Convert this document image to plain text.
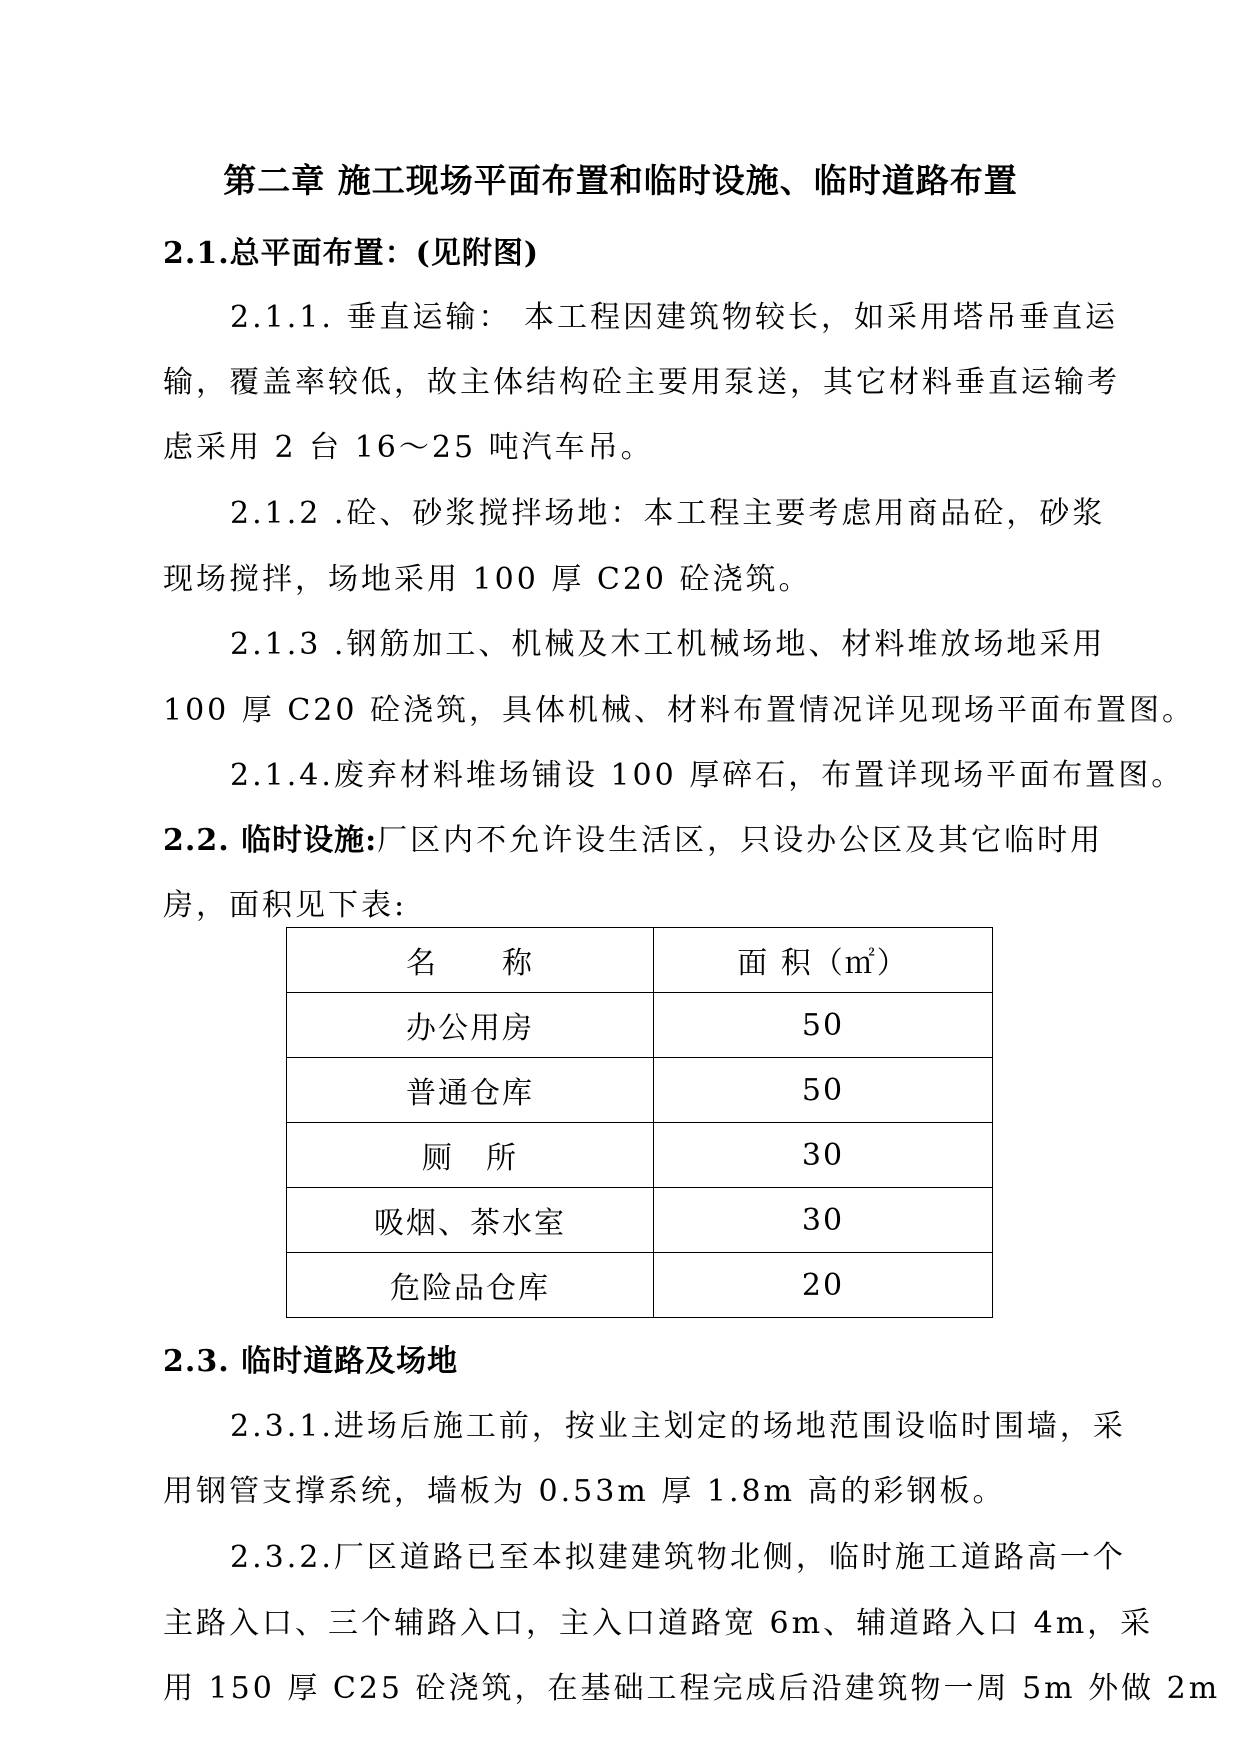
第二章 施工现场平面布置和临时设施、临时道路布置
2.1.总平面布置：(见附图)
2.1.1. 垂直运输： 本工程因建筑物较长，如采用塔吊垂直运
输，覆盖率较低，故主体结构砼主要用泵送，其它材料垂直运输考
虑采用 2 台 16～25 吨汽车吊。
2.1.2 .砼、砂浆搅拌场地：本工程主要考虑用商品砼，砂浆
现场搅拌，场地采用 100 厚 C20 砼浇筑。
2.1.3 .钢筋加工、机械及木工机械场地、材料堆放场地采用
100 厚 C20 砼浇筑，具体机械、材料布置情况详见现场平面布置图。
2.1.4.废弃材料堆场铺设 100 厚碎石，布置详现场平面布置图。
2.2. 临时设施:厂区内不允许设生活区，只设办公区及其它临时用
房，面积见下表:
名　　称	面 积（㎡）
办公用房	50
普通仓库	50
厕　所	30
吸烟、茶水室	30
危险品仓库	20
2.3. 临时道路及场地
2.3.1.进场后施工前，按业主划定的场地范围设临时围墙，采
用钢管支撑系统，墙板为 0.53m 厚 1.8m 高的彩钢板。
2.3.2.厂区道路已至本拟建建筑物北侧，临时施工道路高一个
主路入口、三个辅路入口，主入口道路宽 6m、辅道路入口 4m，采
用 150 厚 C25 砼浇筑，在基础工程完成后沿建筑物一周 5m 外做 2m
